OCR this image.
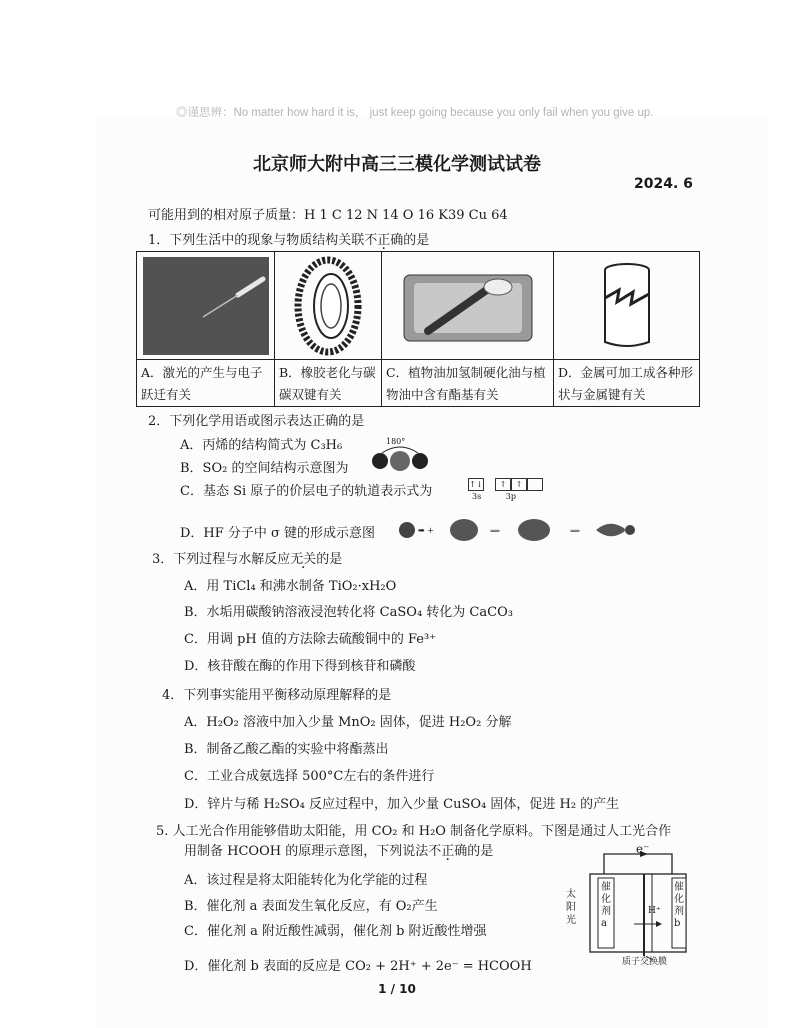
◎谨思辨：No matter how hard it is， just keep going because you only fail when you give up.
北京师大附中高三三模化学测试试卷
2024. 6
可能用到的相对原子质量：H 1 C 12 N 14 O 16 K39 Cu 64
1．下列生活中的现象与物质结构关联不正确的是
A．激光的产生与电子跃迁有关
B．橡胶老化与碳碳双键有关
C．植物油加氢制硬化油与植物油中含有酯基有关
D．金属可加工成各种形状与金属键有关
2．下列化学用语或图示表达正确的是
A．丙烯的结构简式为 C₃H₆
B．SO₂ 的空间结构示意图为
180°
C．基态 Si 原子的价层电子的轨道表示式为	↑↓ ↑ ↑
3s	3p
D．HF 分子中 σ 键的形成示意图	➡ +	⟹	⟹
3．下列过程与水解反应无关的是
A．用 TiCl₄ 和沸水制备 TiO₂·xH₂O
B．水垢用碳酸钠溶液浸泡转化将 CaSO₄ 转化为 CaCO₃
C．用调 pH 值的方法除去硫酸铜中的 Fe³⁺
D．核苷酸在酶的作用下得到核苷和磷酸
4．下列事实能用平衡移动原理解释的是
A．H₂O₂ 溶液中加入少量 MnO₂ 固体，促进 H₂O₂ 分解
B．制备乙酸乙酯的实验中将酯蒸出
C．工业合成氨选择 500°C左右的条件进行
D．锌片与稀 H₂SO₄ 反应过程中，加入少量 CuSO₄ 固体，促进 H₂ 的产生
5. 人工光合作用能够借助太阳能，用 CO₂ 和 H₂O 制备化学原料。下图是通过人工光合作
用制备 HCOOH 的原理示意图，下列说法不正确的是
A．该过程是将太阳能转化为化学能的过程
B．催化剂 a 表面发生氧化反应，有 O₂产生
C．催化剂 a 附近酸性减弱，催化剂 b 附近酸性增强
D．催化剂 b 表面的反应是 CO₂ + 2H⁺ + 2e⁻ = HCOOH
e⁻
太阳光
催化剂a
催化剂b
H⁺
质子交换膜
1 / 10
